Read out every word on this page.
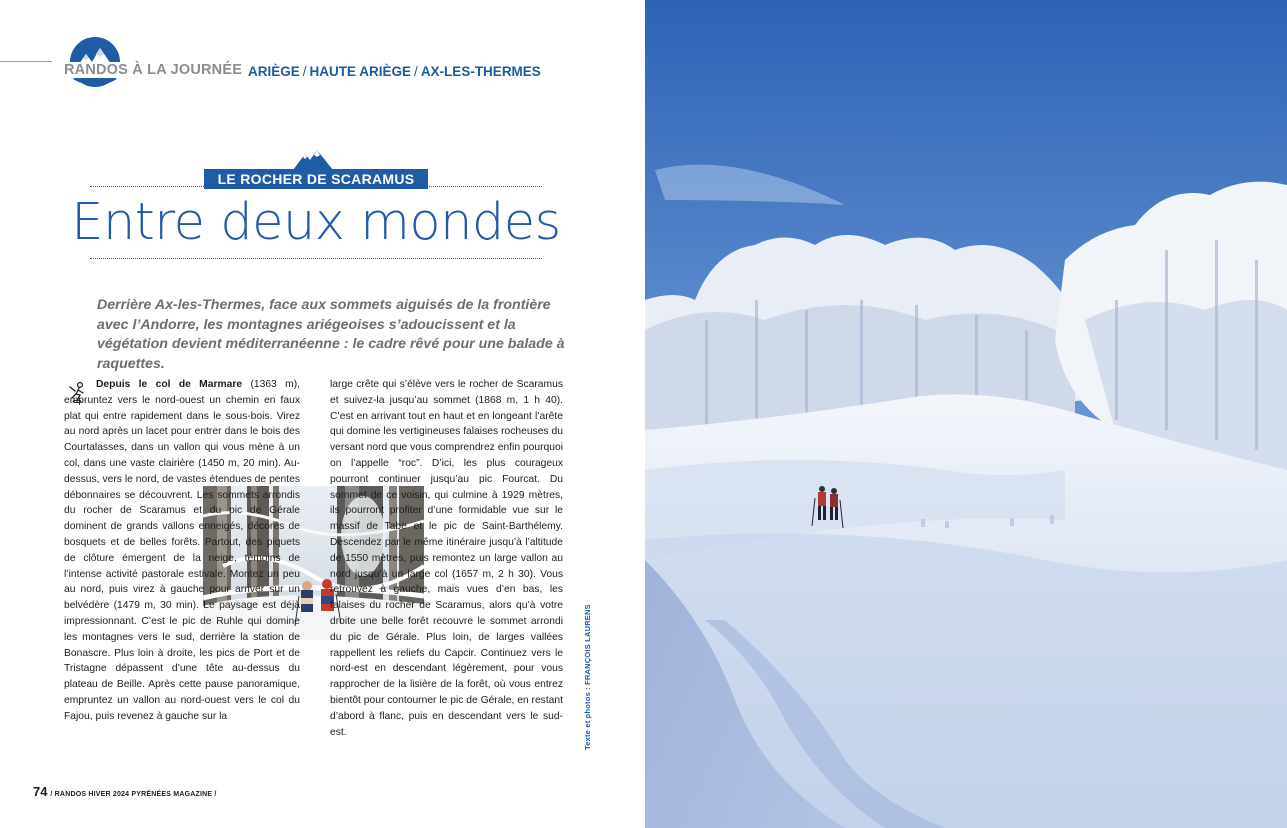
RANDOS À LA JOURNÉE ARIÈGE / HAUTE ARIÈGE / AX-LES-THERMES
LE ROCHER DE SCARAMUS
Entre deux mondes

Derrière Ax-les-Thermes, face aux sommets aiguisés de la frontière avec l’Andorre, les montagnes ariégeoises s’adoucissent et la végétation devient méditerranéenne : le cadre rêvé pour une balade à raquettes.

Depuis le col de Marmare (1363 m), empruntez vers le nord-ouest un chemin en faux plat qui entre rapidement dans le sous-bois. Virez au nord après un lacet pour entrer dans le bois des Courtalasses, dans un vallon qui vous mène à un col, dans une vaste clairière (1450 m, 20 min). Au-dessus, vers le nord, de vastes étendues de pentes débonnaires se découvrent. Les sommets arrondis du rocher de Scaramus et du pic de Gérale dominent de grands vallons enneigés, décorés de bosquets et de belles forêts. Partout, des piquets de clôture émergent de la neige, témoins de l’intense activité pastorale estivale. Montez un peu au nord, puis virez à gauche pour arriver sur un belvédère (1479 m, 30 min). Le paysage est déjà impressionnant. C’est le pic de Ruhle qui domine les montagnes vers le sud, derrière la station de Bonascre. Plus loin à droite, les pics de Port et de Tristagne dépassent d’une tête au-dessus du plateau de Beille. Après cette pause panoramique, empruntez un vallon au nord-ouest vers le col du Fajou, puis revenez à gauche sur la

large crête qui s’élève vers le rocher de Scaramus et suivez-la jusqu’au sommet (1868 m, 1 h 40). C’est en arrivant tout en haut et en longeant l’arête qui domine les vertigineuses falaises rocheuses du versant nord que vous comprendrez enfin pourquoi on l’appelle “roc”. D’ici, les plus courageux pourront continuer jusqu’au pic Fourcat. Du sommet de ce voisin, qui culmine à 1929 mètres, ils pourront profiter d’une formidable vue sur le massif de Tabe et le pic de Saint-Barthélemy. Descendez par le même itinéraire jusqu’à l’altitude de 1550 mètres, puis remontez un large vallon au nord jusqu’à un large col (1657 m, 2 h 30). Vous retrouvez à gauche, mais vues d’en bas, les falaises du rocher de Scaramus, alors qu’à votre droite une belle forêt recouvre le sommet arrondi du pic de Gérale. Plus loin, de larges vallées rappellent les reliefs du Capcir. Continuez vers le nord-est en descendant légèrement, pour vous rapprocher de la lisière de la forêt, où vous entrez bientôt pour contourner le pic de Gérale, en restant d’abord à flanc, puis en descendant vers le sud-est.	Texte et photos : FRANÇOIS LAURENS
74 / RANDOS HIVER 2024 PYRÉNÉES MAGAZINE /
